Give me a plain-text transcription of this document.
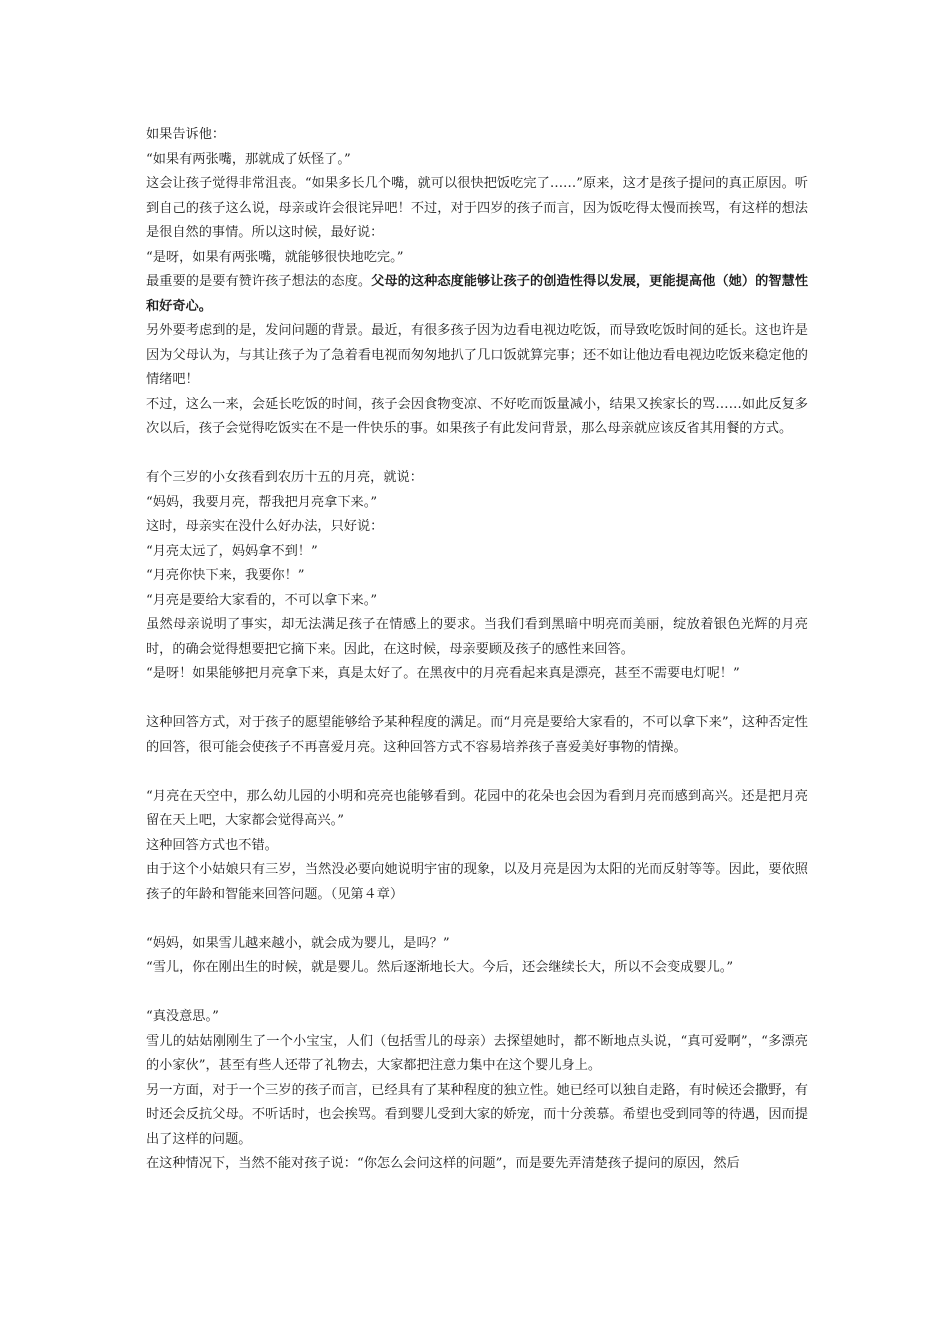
如果告诉他：

“如果有两张嘴，那就成了妖怪了。”

这会让孩子觉得非常沮丧。“如果多长几个嘴，就可以很快把饭吃完了……”原来，这才是孩子提问的真正原因。听到自己的孩子这么说，母亲或许会很诧异吧！不过，对于四岁的孩子而言，因为饭吃得太慢而挨骂，有这样的想法是很自然的事情。所以这时候，最好说：

“是呀，如果有两张嘴，就能够很快地吃完。”

最重要的是要有赞许孩子想法的态度。父母的这种态度能够让孩子的创造性得以发展，更能提高他（她）的智慧性和好奇心。

另外要考虑到的是，发问问题的背景。最近，有很多孩子因为边看电视边吃饭，而导致吃饭时间的延长。这也许是因为父母认为，与其让孩子为了急着看电视而匆匆地扒了几口饭就算完事；还不如让他边看电视边吃饭来稳定他的情绪吧！

不过，这么一来，会延长吃饭的时间，孩子会因食物变凉、不好吃而饭量减小，结果又挨家长的骂……如此反复多次以后，孩子会觉得吃饭实在不是一件快乐的事。如果孩子有此发问背景，那么母亲就应该反省其用餐的方式。

有个三岁的小女孩看到农历十五的月亮，就说：

“妈妈，我要月亮，帮我把月亮拿下来。”

这时，母亲实在没什么好办法，只好说：

“月亮太远了，妈妈拿不到！”

“月亮你快下来，我要你！”

“月亮是要给大家看的，不可以拿下来。”

虽然母亲说明了事实，却无法满足孩子在情感上的要求。当我们看到黑暗中明亮而美丽，绽放着银色光辉的月亮时，的确会觉得想要把它摘下来。因此，在这时候，母亲要顾及孩子的感性来回答。

“是呀！如果能够把月亮拿下来，真是太好了。在黑夜中的月亮看起来真是漂亮，甚至不需要电灯呢！”

这种回答方式，对于孩子的愿望能够给予某种程度的满足。而“月亮是要给大家看的，不可以拿下来”，这种否定性的回答，很可能会使孩子不再喜爱月亮。这种回答方式不容易培养孩子喜爱美好事物的情操。

“月亮在天空中，那么幼儿园的小明和亮亮也能够看到。花园中的花朵也会因为看到月亮而感到高兴。还是把月亮留在天上吧，大家都会觉得高兴。”

这种回答方式也不错。

由于这个小姑娘只有三岁，当然没必要向她说明宇宙的现象，以及月亮是因为太阳的光而反射等等。因此，要依照孩子的年龄和智能来回答问题。（见第４章）

“妈妈，如果雪儿越来越小，就会成为婴儿，是吗？”

“雪儿，你在刚出生的时候，就是婴儿。然后逐渐地长大。今后，还会继续长大，所以不会变成婴儿。”

“真没意思。”

雪儿的姑姑刚刚生了一个小宝宝，人们（包括雪儿的母亲）去探望她时，都不断地点头说，“真可爱啊”，“多漂亮的小家伙”，甚至有些人还带了礼物去，大家都把注意力集中在这个婴儿身上。

另一方面，对于一个三岁的孩子而言，已经具有了某种程度的独立性。她已经可以独自走路，有时候还会撒野，有时还会反抗父母。不听话时，也会挨骂。看到婴儿受到大家的娇宠，而十分羡慕。希望也受到同等的待遇，因而提出了这样的问题。

在这种情况下，当然不能对孩子说：“你怎么会问这样的问题”，而是要先弄清楚孩子提问的原因，然后
